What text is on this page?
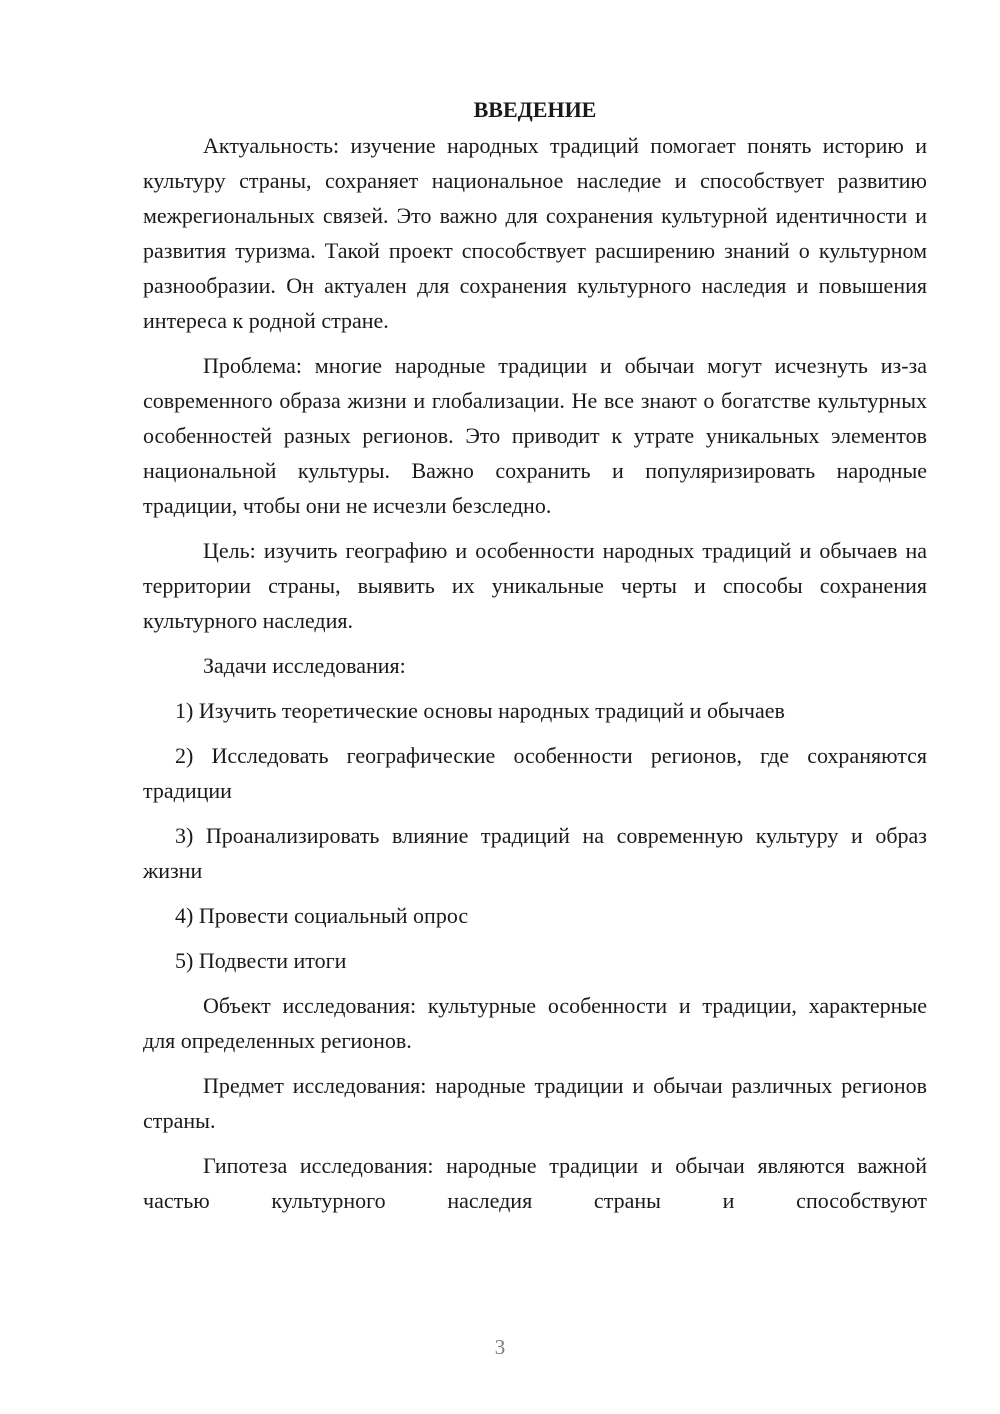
ВВЕДЕНИЕ

Актуальность: изучение народных традиций помогает понять историю и культуру страны, сохраняет национальное наследие и способствует развитию межрегиональных связей. Это важно для сохранения культурной идентичности и развития туризма. Такой проект способствует расширению знаний о культурном разнообразии. Он актуален для сохранения культурного наследия и повышения интереса к родной стране.

Проблема: многие народные традиции и обычаи могут исчезнуть из-за современного образа жизни и глобализации. Не все знают о богатстве культурных особенностей разных регионов. Это приводит к утрате уникальных элементов национальной культуры. Важно сохранить и популяризировать народные традиции, чтобы они не исчезли безследно.

Цель: изучить географию и особенности народных традиций и обычаев на территории страны, выявить их уникальные черты и способы сохранения культурного наследия.

Задачи исследования:

1) Изучить теоретические основы народных традиций и обычаев

2) Исследовать географические особенности регионов, где сохраняются традиции

3) Проанализировать влияние традиций на современную культуру и образ жизни

4) Провести социальный опрос

5) Подвести итоги

Объект исследования: культурные особенности и традиции, характерные для определенных регионов.

Предмет исследования: народные традиции и обычаи различных регионов страны.

Гипотеза исследования: народные традиции и обычаи являются важной частью культурного наследия страны и способствуют

3
